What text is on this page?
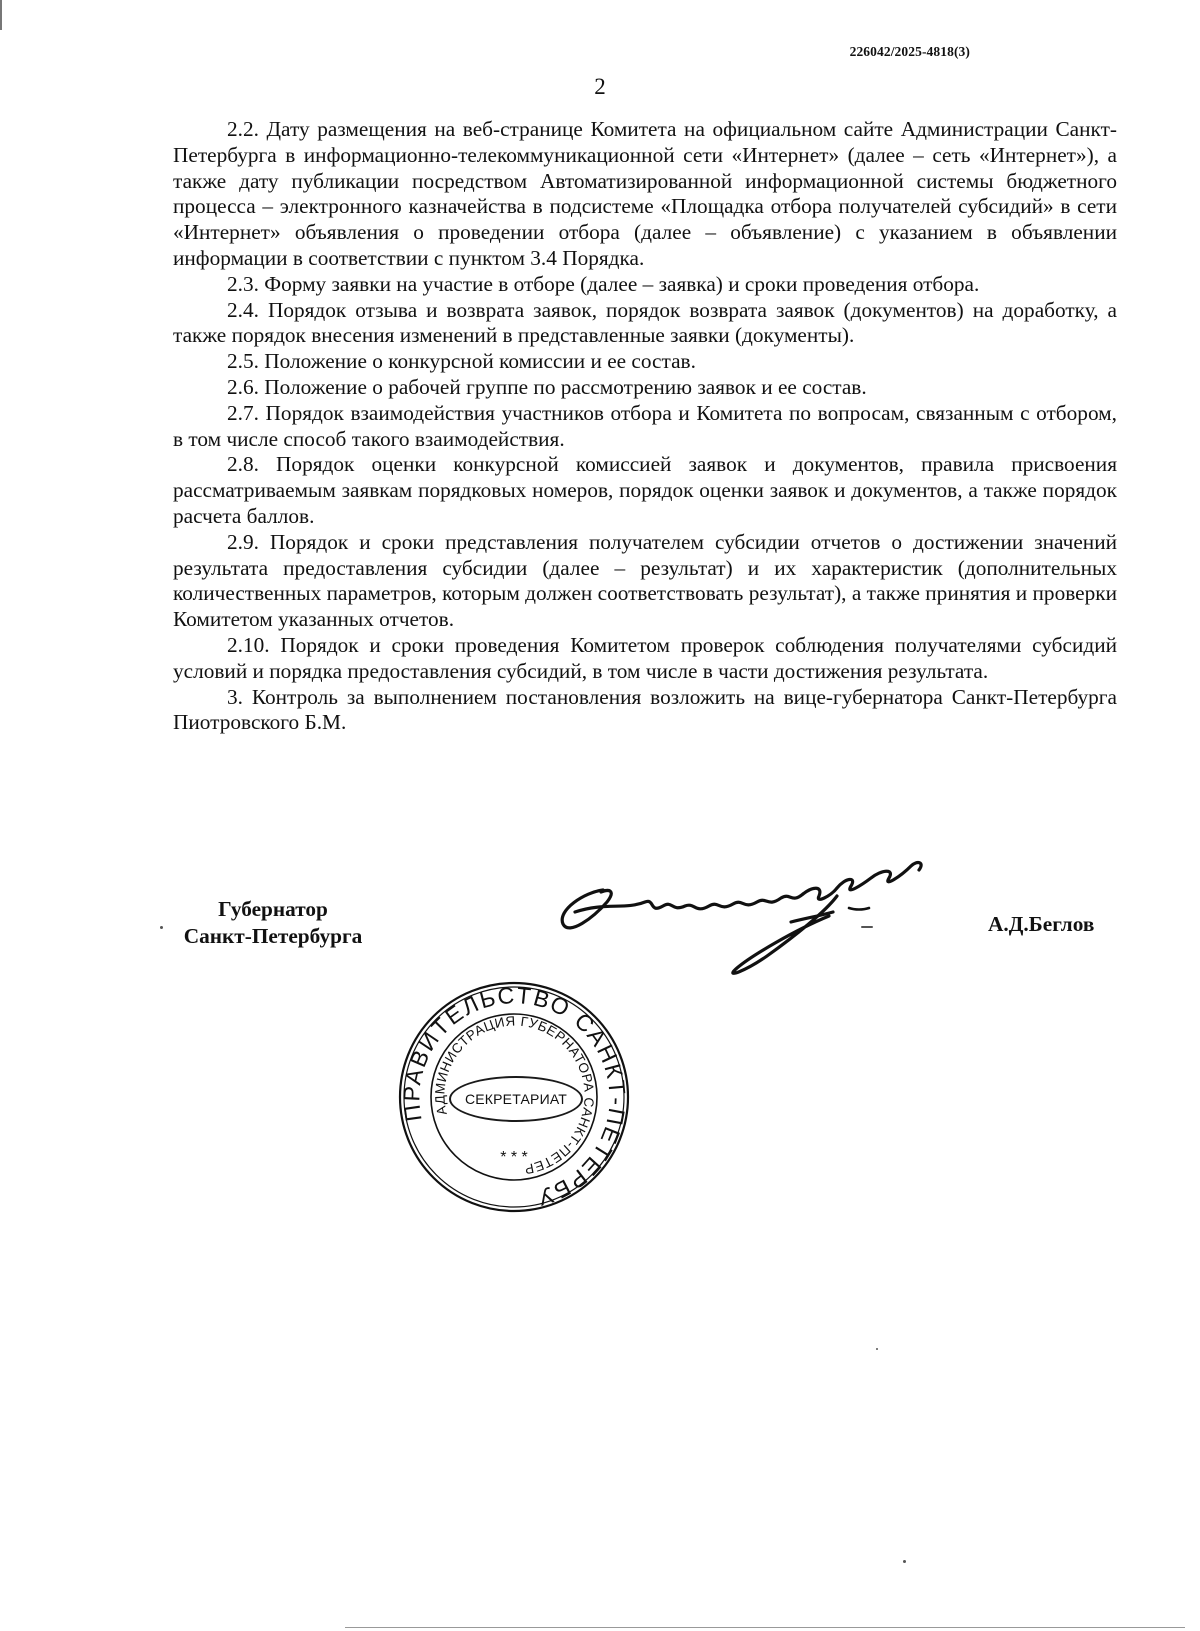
226042/2025-4818(3)
2

2.2. Дату размещения на веб-странице Комитета на официальном сайте Администрации Санкт-Петербурга в информационно-телекоммуникационной сети «Интернет» (далее – сеть «Интернет»), а также дату публикации посредством Автоматизированной информационной системы бюджетного процесса – электронного казначейства в подсистеме «Площадка отбора получателей субсидий» в сети «Интернет» объявления о проведении отбора (далее – объявление) с указанием в объявлении информации в соответствии с пунктом 3.4 Порядка.

2.3. Форму заявки на участие в отборе (далее – заявка) и сроки проведения отбора.

2.4. Порядок отзыва и возврата заявок, порядок возврата заявок (документов) на доработку, а также порядок внесения изменений в представленные заявки (документы).

2.5. Положение о конкурсной комиссии и ее состав.

2.6. Положение о рабочей группе по рассмотрению заявок и ее состав.

2.7. Порядок взаимодействия участников отбора и Комитета по вопросам, связанным с отбором, в том числе способ такого взаимодействия.

2.8. Порядок оценки конкурсной комиссией заявок и документов, правила присвоения рассматриваемым заявкам порядковых номеров, порядок оценки заявок и документов, а также порядок расчета баллов.

2.9. Порядок и сроки представления получателем субсидии отчетов о достижении значений результата предоставления субсидии (далее – результат) и их характеристик (дополнительных количественных параметров, которым должен соответствовать результат), а также принятия и проверки Комитетом указанных отчетов.

2.10. Порядок и сроки проведения Комитетом проверок соблюдения получателями субсидий условий и порядка предоставления субсидий, в том числе в части достижения результата.

3. Контроль за выполнением постановления возложить на вице-губернатора Санкт-Петербурга Пиотровского Б.М.

Губернатор
Санкт-Петербурга	А.Д.Беглов
ПРАВИТЕЛЬСТВО САНКТ-ПЕТЕРБУ
АДМИНИСТРАЦИЯ ГУБЕРНАТОРА САНКТ-ПЕТЕР
* * *
СЕКРЕТАРИАТ
